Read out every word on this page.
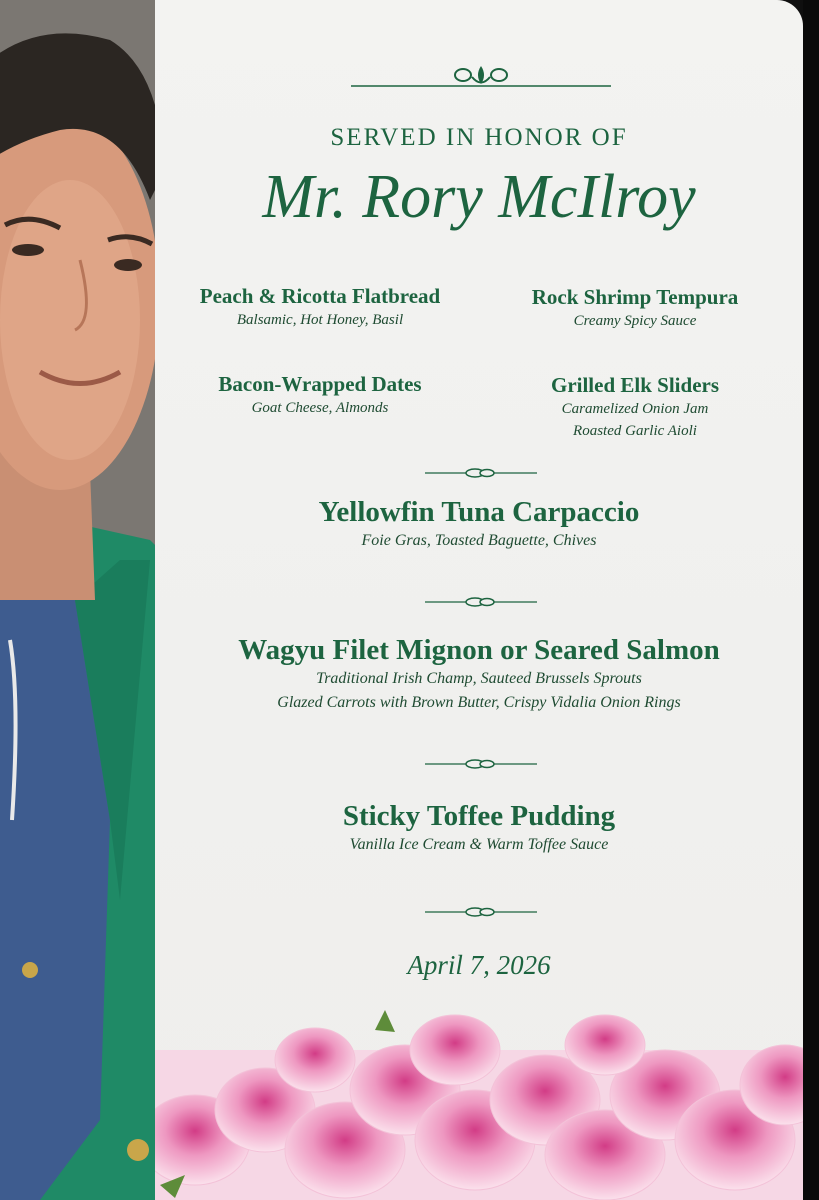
SERVED IN HONOR OF
Mr. Rory McIlroy
Peach & Ricotta Flatbread
Balsamic, Hot Honey, Basil
Rock Shrimp Tempura
Creamy Spicy Sauce
Bacon-Wrapped Dates
Goat Cheese, Almonds
Grilled Elk Sliders
Caramelized Onion Jam
Roasted Garlic Aioli
Yellowfin Tuna Carpaccio
Foie Gras, Toasted Baguette, Chives
Wagyu Filet Mignon or Seared Salmon
Traditional Irish Champ, Sauteed Brussels Sprouts
Glazed Carrots with Brown Butter, Crispy Vidalia Onion Rings
Sticky Toffee Pudding
Vanilla Ice Cream & Warm Toffee Sauce
April 7, 2026
